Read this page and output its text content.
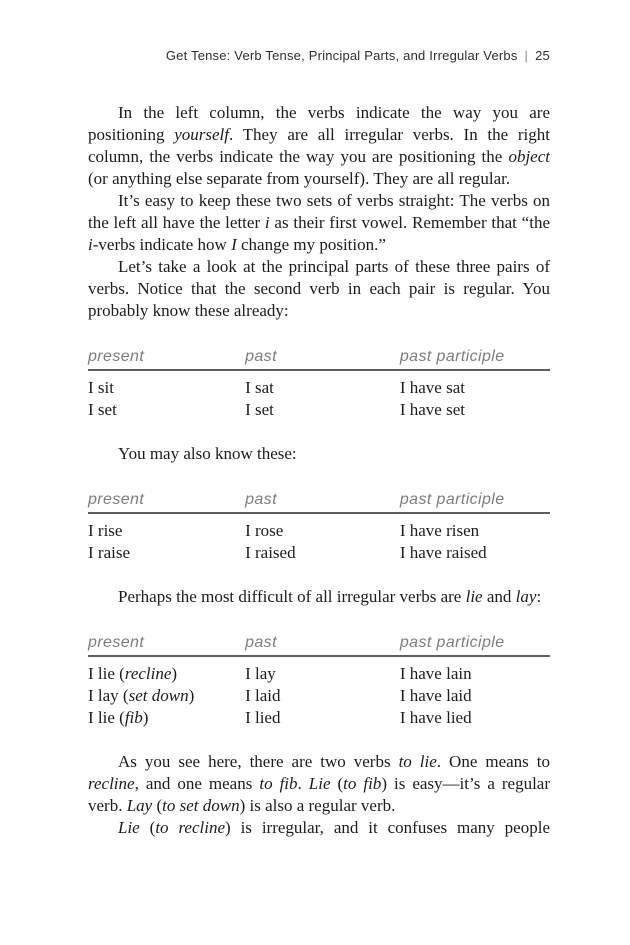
Get Tense: Verb Tense, Principal Parts, and Irregular Verbs | 25

In the left column, the verbs indicate the way you are positioning yourself. They are all irregular verbs. In the right column, the verbs indicate the way you are positioning the object (or anything else separate from yourself). They are all regular.

It’s easy to keep these two sets of verbs straight: The verbs on the left all have the letter i as their first vowel. Remember that “the i-verbs indicate how I change my position.”

Let’s take a look at the principal parts of these three pairs of verbs. Notice that the second verb in each pair is regular. You probably know these already:

present	past	past participle
I sit	I sat	I have sat
I set	I set	I have set

You may also know these:

present	past	past participle
I rise	I rose	I have risen
I raise	I raised	I have raised

Perhaps the most difficult of all irregular verbs are lie and lay:

present	past	past participle
I lie (recline)	I lay	I have lain
I lay (set down)	I laid	I have laid
I lie (fib)	I lied	I have lied

As you see here, there are two verbs to lie. One means to recline, and one means to fib. Lie (to fib) is easy—it’s a regular verb. Lay (to set down) is also a regular verb.

Lie (to recline) is irregular, and it confuses many people
